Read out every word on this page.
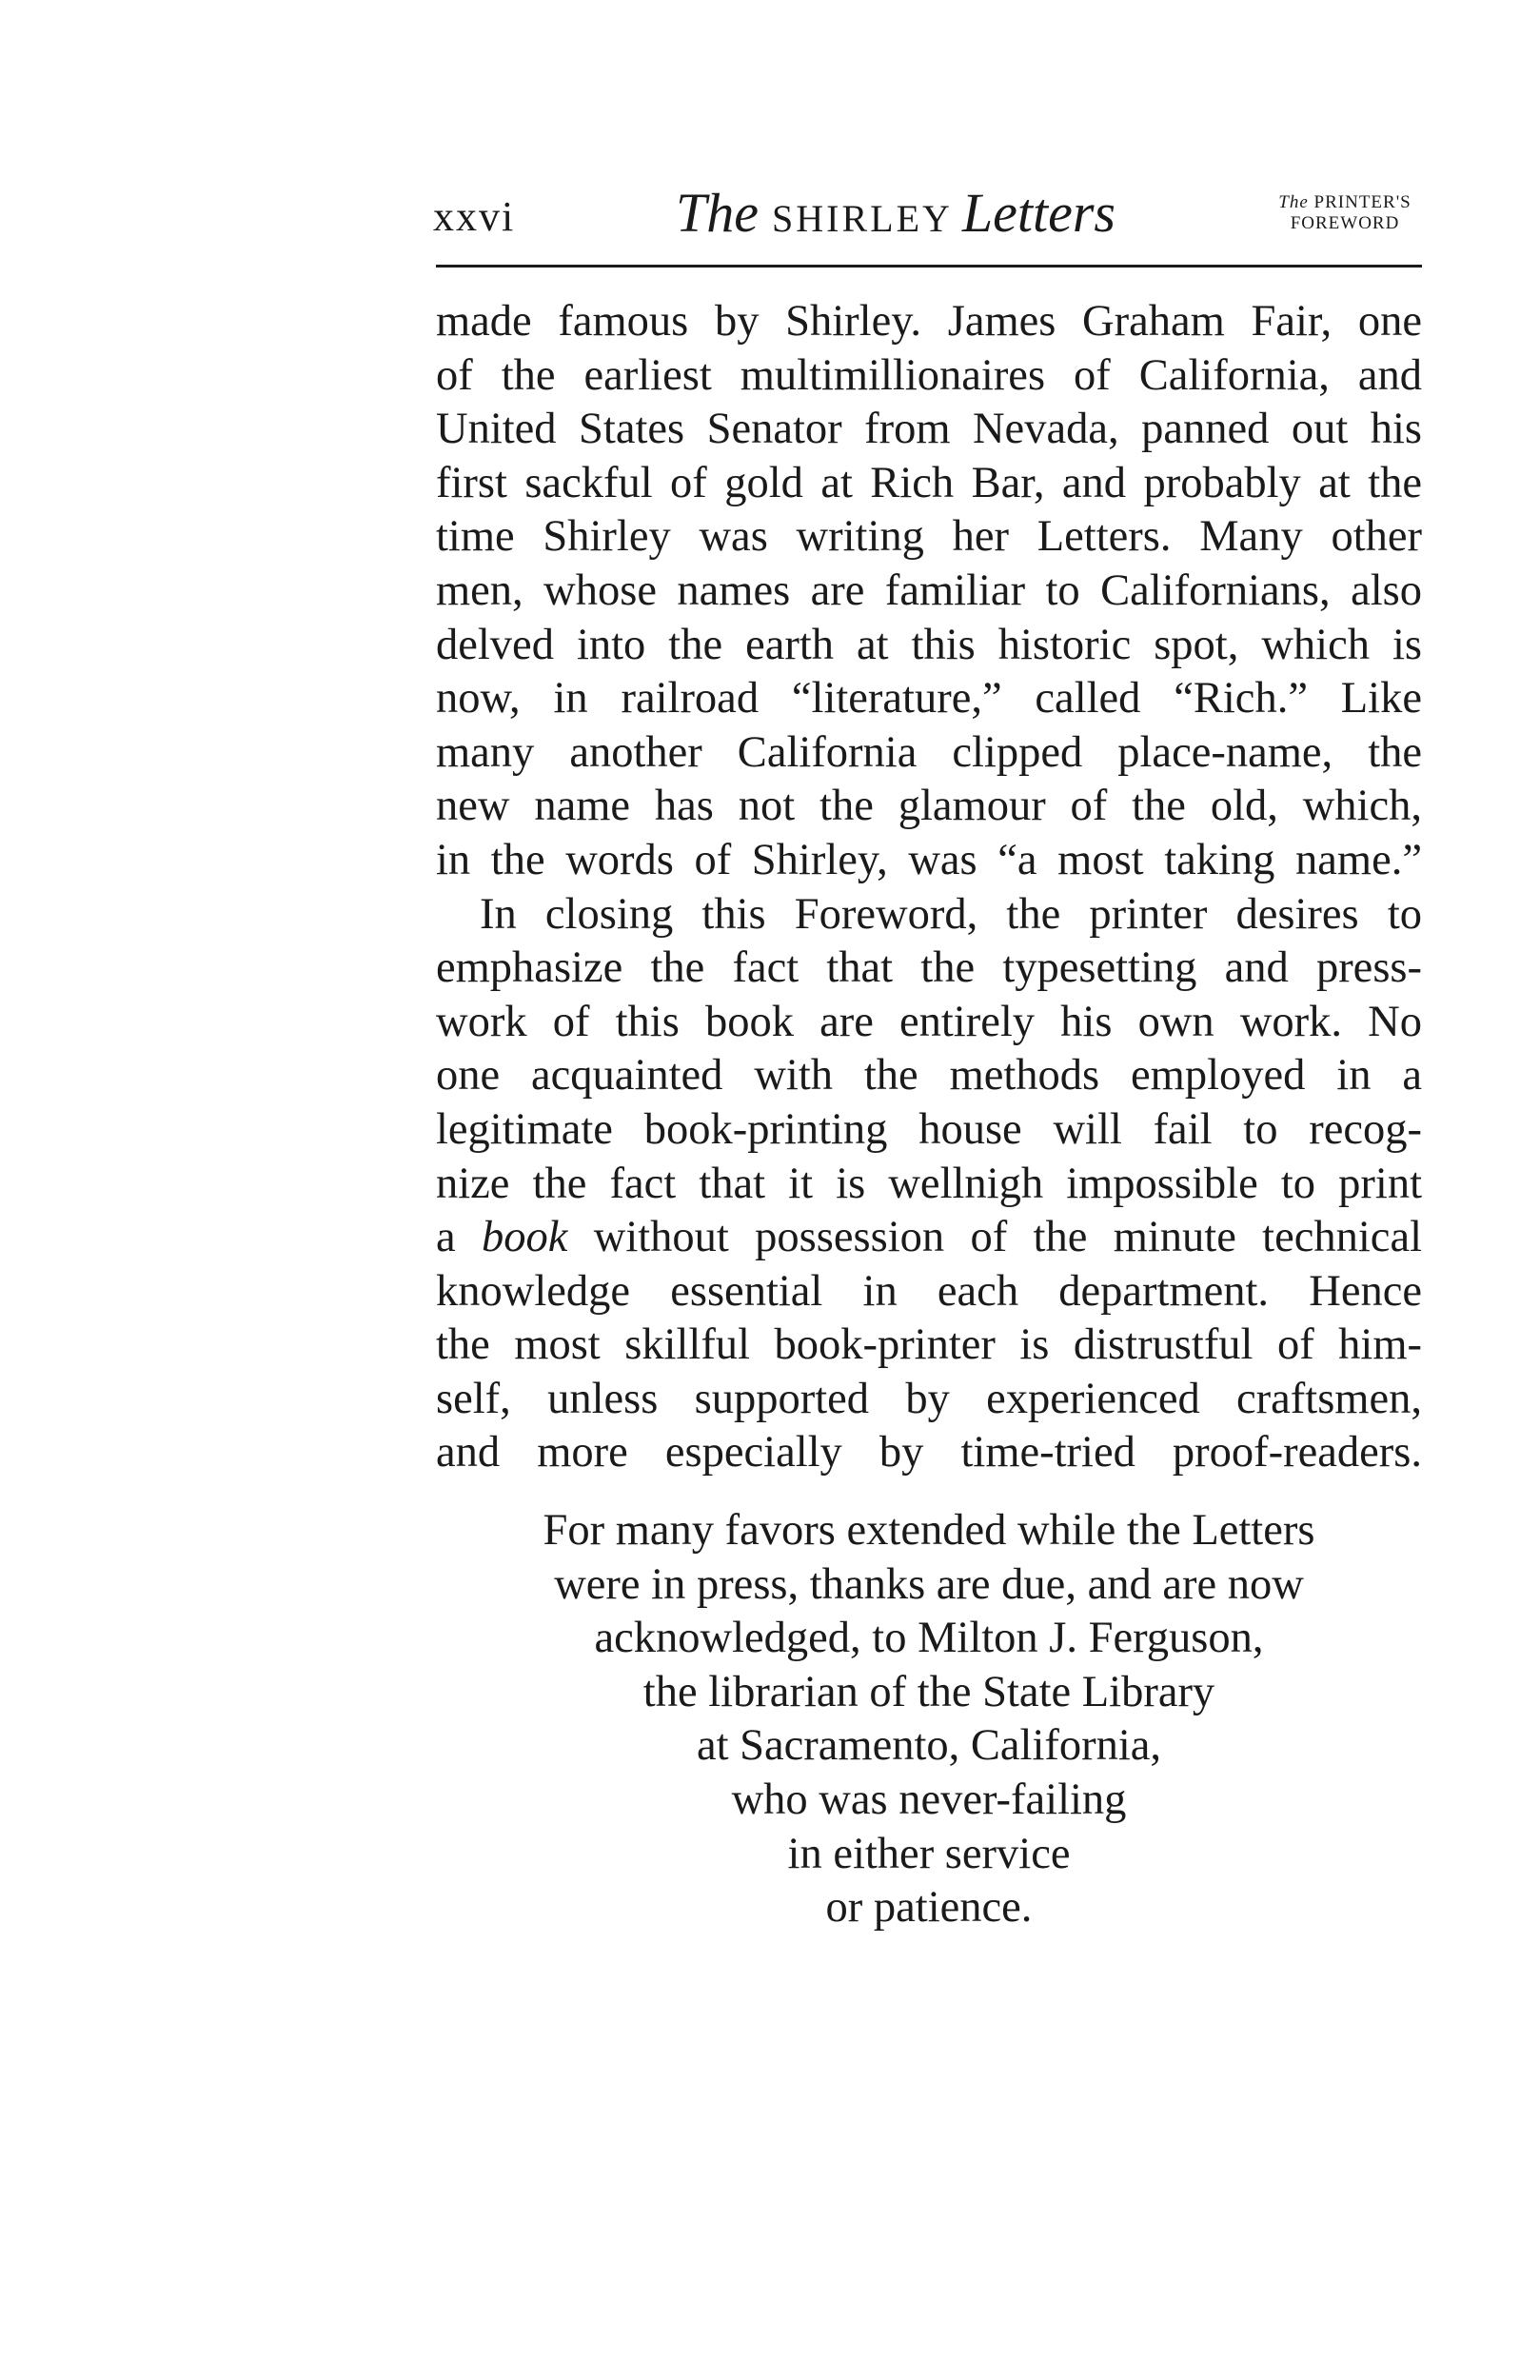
xxvi	The SHIRLEY Letters	The PRINTER'S
FOREWORD
made famous by Shirley. James Graham Fair, one
of the earliest multimillionaires of California, and
United States Senator from Nevada, panned out his
first sackful of gold at Rich Bar, and probably at the
time Shirley was writing her Letters. Many other
men, whose names are familiar to Californians, also
delved into the earth at this historic spot, which is
now, in railroad “literature,” called “Rich.” Like
many another California clipped place-name, the
new name has not the glamour of the old, which,
in the words of Shirley, was “a most taking name.”
In closing this Foreword, the printer desires to
emphasize the fact that the typesetting and press-
work of this book are entirely his own work. No
one acquainted with the methods employed in a
legitimate book-printing house will fail to recog-
nize the fact that it is wellnigh impossible to print
a book without possession of the minute technical
knowledge essential in each department. Hence
the most skillful book-printer is distrustful of him-
self, unless supported by experienced craftsmen,
and more especially by time-tried proof-readers.
For many favors extended while the Letters
were in press, thanks are due, and are now
acknowledged, to Milton J. Ferguson,
the librarian of the State Library
at Sacramento, California,
who was never-failing
in either service
or patience.
